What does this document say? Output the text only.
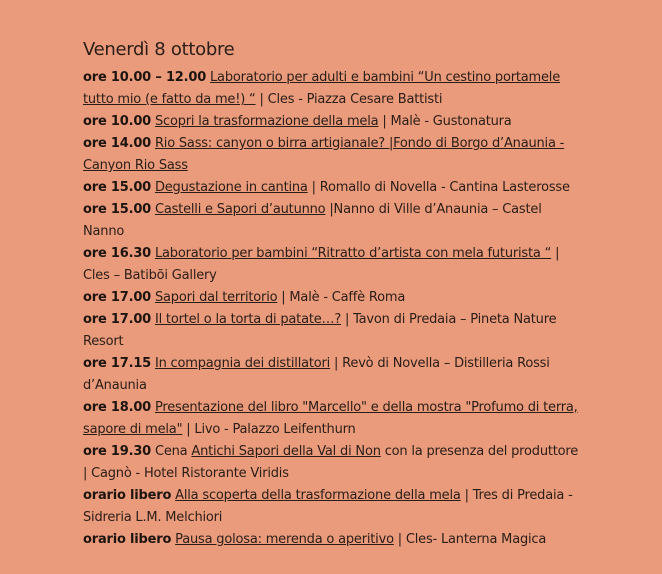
Venerdì 8 ottobre

ore 10.00 – 12.00 Laboratorio per adulti e bambini “Un cestino portamele tutto mio (e fatto da me!) “ | Cles - Piazza Cesare Battisti

ore 10.00 Scopri la trasformazione della mela | Malè - Gustonatura

ore 14.00 Rio Sass: canyon o birra artigianale? |Fondo di Borgo d’Anaunia - Canyon Rio Sass

ore 15.00 Degustazione in cantina | Romallo di Novella - Cantina Lasterosse

ore 15.00 Castelli e Sapori d’autunno |Nanno di Ville d’Anaunia – Castel Nanno

ore 16.30 Laboratorio per bambini “Ritratto d’artista con mela futurista “ | Cles – Batibõi Gallery

ore 17.00 Sapori dal territorio | Malè - Caffè Roma

ore 17.00 Il tortel o la torta di patate…? | Tavon di Predaia – Pineta Nature Resort

ore 17.15 In compagnia dei distillatori | Revò di Novella – Distilleria Rossi d’Anaunia

ore 18.00 Presentazione del libro "Marcello" e della mostra "Profumo di terra, sapore di mela" | Livo - Palazzo Leifenthurn

ore 19.30 Cena Antichi Sapori della Val di Non con la presenza del produttore | Cagnò - Hotel Ristorante Viridis

orario libero Alla scoperta della trasformazione della mela | Tres di Predaia - Sidreria L.M. Melchiori

orario libero Pausa golosa: merenda o aperitivo | Cles- Lanterna Magica
